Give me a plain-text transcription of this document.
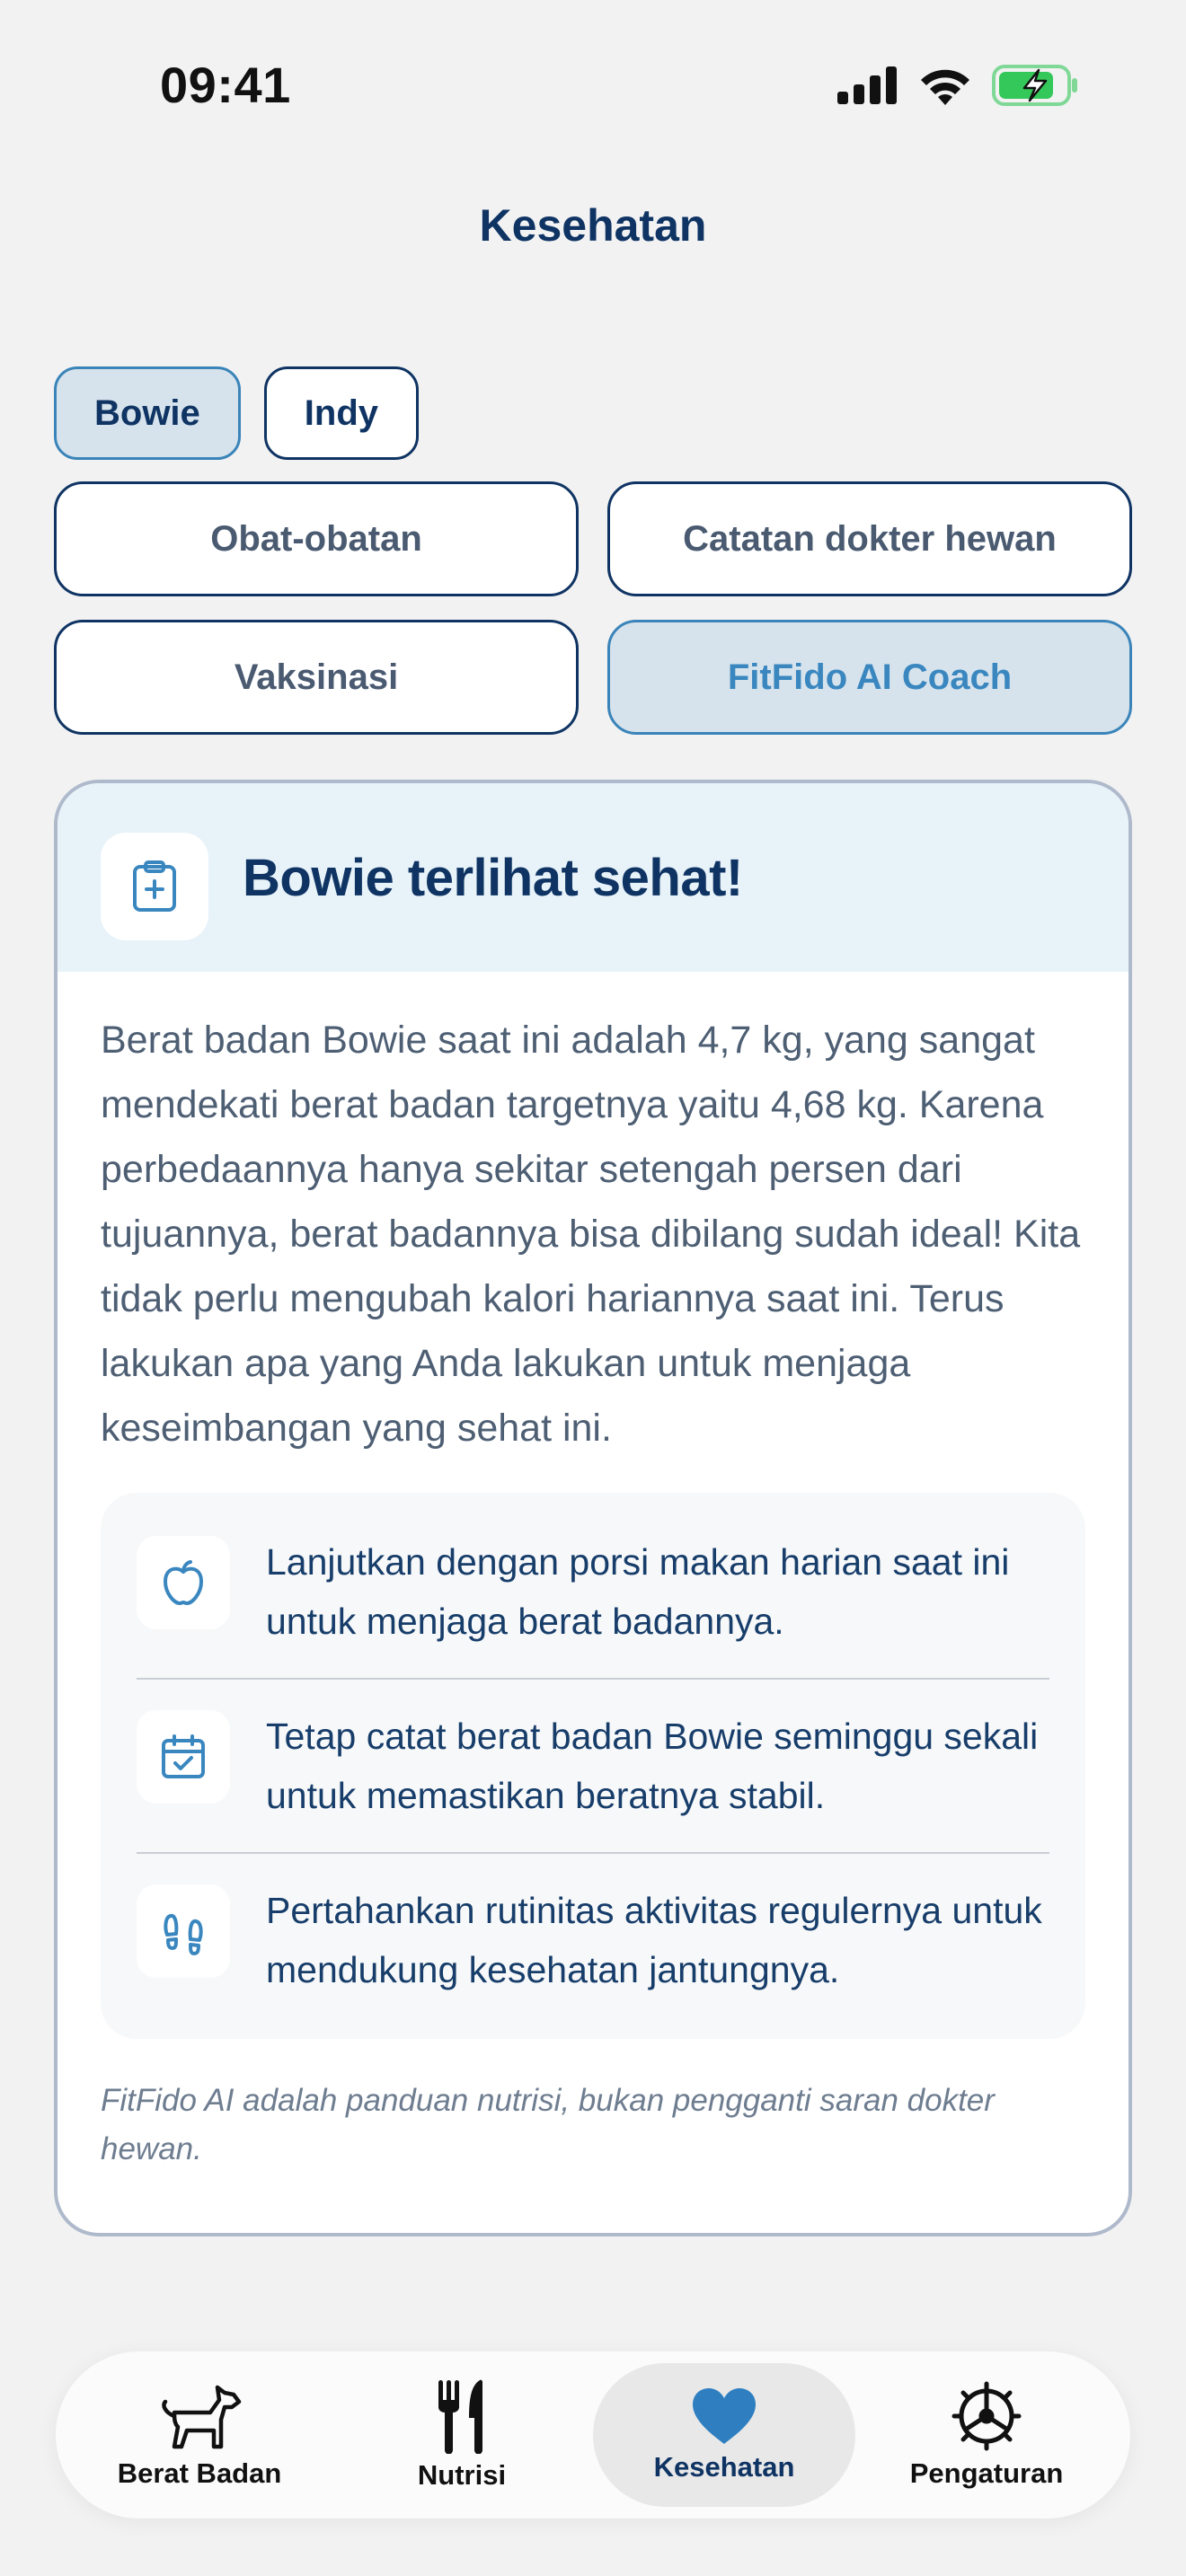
09:41
Kesehatan
Bowie	Indy
Obat-obatan	Catatan dokter hewan
Vaksinasi	FitFido AI Coach
Bowie terlihat sehat!
Berat badan Bowie saat ini adalah 4,7 kg, yang sangat mendekati berat badan targetnya yaitu 4,68 kg. Karena perbedaannya hanya sekitar setengah persen dari tujuannya, berat badannya bisa dibilang sudah ideal! Kita tidak perlu mengubah kalori hariannya saat ini. Terus lakukan apa yang Anda lakukan untuk menjaga keseimbangan yang sehat ini.
Lanjutkan dengan porsi makan harian saat ini untuk menjaga berat badannya.
Tetap catat berat badan Bowie seminggu sekali untuk memastikan beratnya stabil.
Pertahankan rutinitas aktivitas regulernya untuk mendukung kesehatan jantungnya.
FitFido AI adalah panduan nutrisi, bukan pengganti saran dokter hewan.
Berat Badan	Nutrisi	Kesehatan	Pengaturan
